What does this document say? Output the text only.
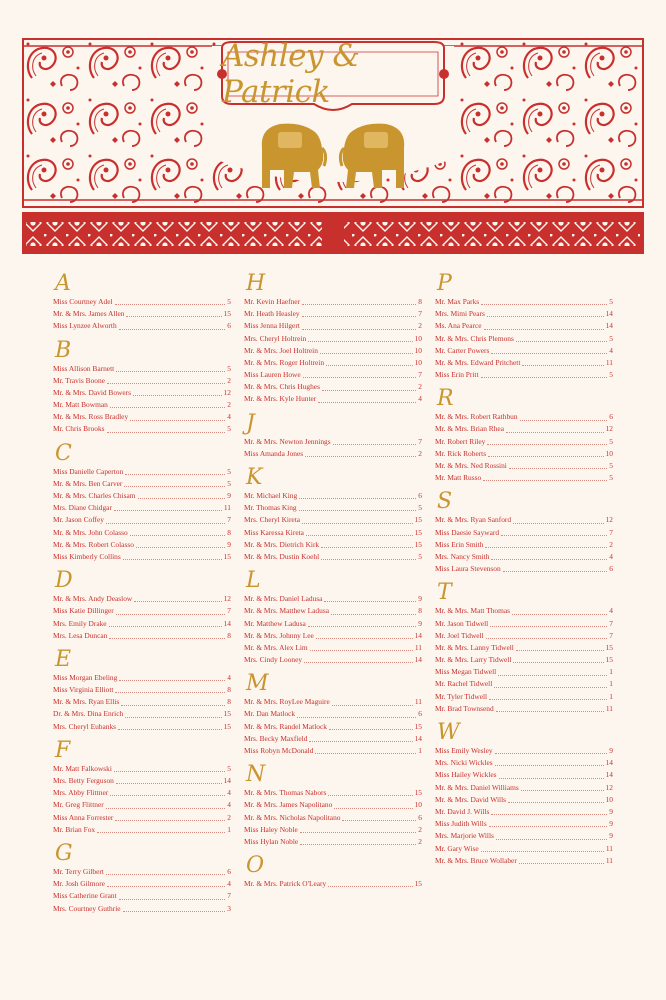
Ashley & Patrick
A
Miss Courtney Adel	5
Mr. & Mrs. James Allen	15
Miss Lynzee Alworth	6
B
Miss Allison Barnett	5
Mr. Travis Boone	2
Mr. & Mrs. David Bowers	12
Mr. Matt Bowman	2
Mr. & Mrs. Ross Bradley	4
Mr. Chris Brooks	5
C
Miss Danielle Caperton	5
Mr. & Mrs. Ben Carver	5
Mr. & Mrs. Charles Chisam	9
Mrs. Diane Chidgar	11
Mr. Jason Coffey	7
Mr. & Mrs. John Colasso	8
Mr. & Mrs. Robert Colasso	9
Miss Kimberly Collins	15
D
Mr. & Mrs. Andy Deaslow	12
Miss Katie Dillinger	7
Mrs. Emily Drake	14
Mrs. Lesa Duncan	8
E
Miss Morgan Ebeling	4
Miss Virginia Elliott	8
Mr. & Mrs. Ryan Ellis	8
Dr. & Mrs. Dina Enrich	15
Mrs. Cheryl Eubanks	15
F
Mr. Matt Falkowski	5
Mrs. Betty Ferguson	14
Mrs. Abby Flittner	4
Mr. Greg Flittner	4
Miss Anna Forrester	2
Mr. Brian Fox	1
G
Mr. Terry Gilbert	6
Mr. Josh Gilmore	4
Miss Catherine Grant	7
Mrs. Courtney Guthrie	3
H
Mr. Kevin Haefner	8
Mr. Heath Heasley	7
Miss Jenna Hilgert	2
Mrs. Cheryl Holtrein	10
Mr. & Mrs. Joel Holtrein	10
Mr. & Mrs. Roger Holtrein	10
Miss Lauren Howe	7
Mr. & Mrs. Chris Hughes	2
Mr. & Mrs. Kyle Hunter	4
J
Mr. & Mrs. Newton Jennings	7
Miss Amanda Jones	2
K
Mr. Michael King	6
Mr. Thomas King	5
Mrs. Cheryl Kireta	15
Miss Karessa Kireta	15
Mr. & Mrs. Dietrich Kirk	15
Mr. & Mrs. Dustin Koehl	5
L
Mr. & Mrs. Daniel Ladusa	9
Mr. & Mrs. Matthew Ladusa	8
Mr. Matthew Ladusa	9
Mr. & Mrs. Johnny Lee	14
Mr. & Mrs. Alex Lim	11
Mrs. Cindy Looney	14
M
Mr. & Mrs. RoyLee Maguire	11
Mr. Dan Matlock	6
Mr. & Mrs. Randel Matlock	15
Mrs. Becky Maxfield	14
Miss Robyn McDonald	1
N
Mr. & Mrs. Thomas Nabors	15
Mr. & Mrs. James Napolitano	10
Mr. & Mrs. Nicholas Napolitano	6
Miss Haley Noble	2
Miss Hylan Noble	2
O
Mr. & Mrs. Patrick O'Leary	15
P
Mr. Max Parks	5
Mrs. Mimi Pears	14
Ms. Ana Pearce	14
Mr. & Mrs. Chris Plemons	5
Mr. Carter Powers	4
Mr. & Mrs. Edward Pritchett	11
Miss Erin Pritt	5
R
Mr. & Mrs. Robert Rathbun	6
Mr. & Mrs. Brian Rhea	12
Mr. Robert Riley	5
Mr. Rick Roberts	10
Mr. & Mrs. Ned Rossini	5
Mr. Matt Russo	5
S
Mr. & Mrs. Ryan Sanford	12
Miss Daesie Sayward	7
Miss Erin Smith	2
Mrs. Nancy Smith	4
Miss Laura Stevenson	6
T
Mr. & Mrs. Matt Thomas	4
Mr. Jason Tidwell	7
Mr. Joel Tidwell	7
Mr. & Mrs. Lanny Tidwell	15
Mr. & Mrs. Larry Tidwell	15
Miss Megan Tidwell	1
Mr. Rachel Tidwell	1
Mr. Tyler Tidwell	1
Mr. Brad Townsend	11
W
Miss Emily Wesley	9
Mrs. Nicki Wickles	14
Miss Hailey Wickles	14
Mr. & Mrs. Daniel Williams	12
Mr. & Mrs. David Wills	10
Mr. David J. Wills	9
Miss Judith Wills	9
Mrs. Marjorie Wills	9
Mr. Gary Wise	11
Mr. & Mrs. Bruce Wollaber	11
